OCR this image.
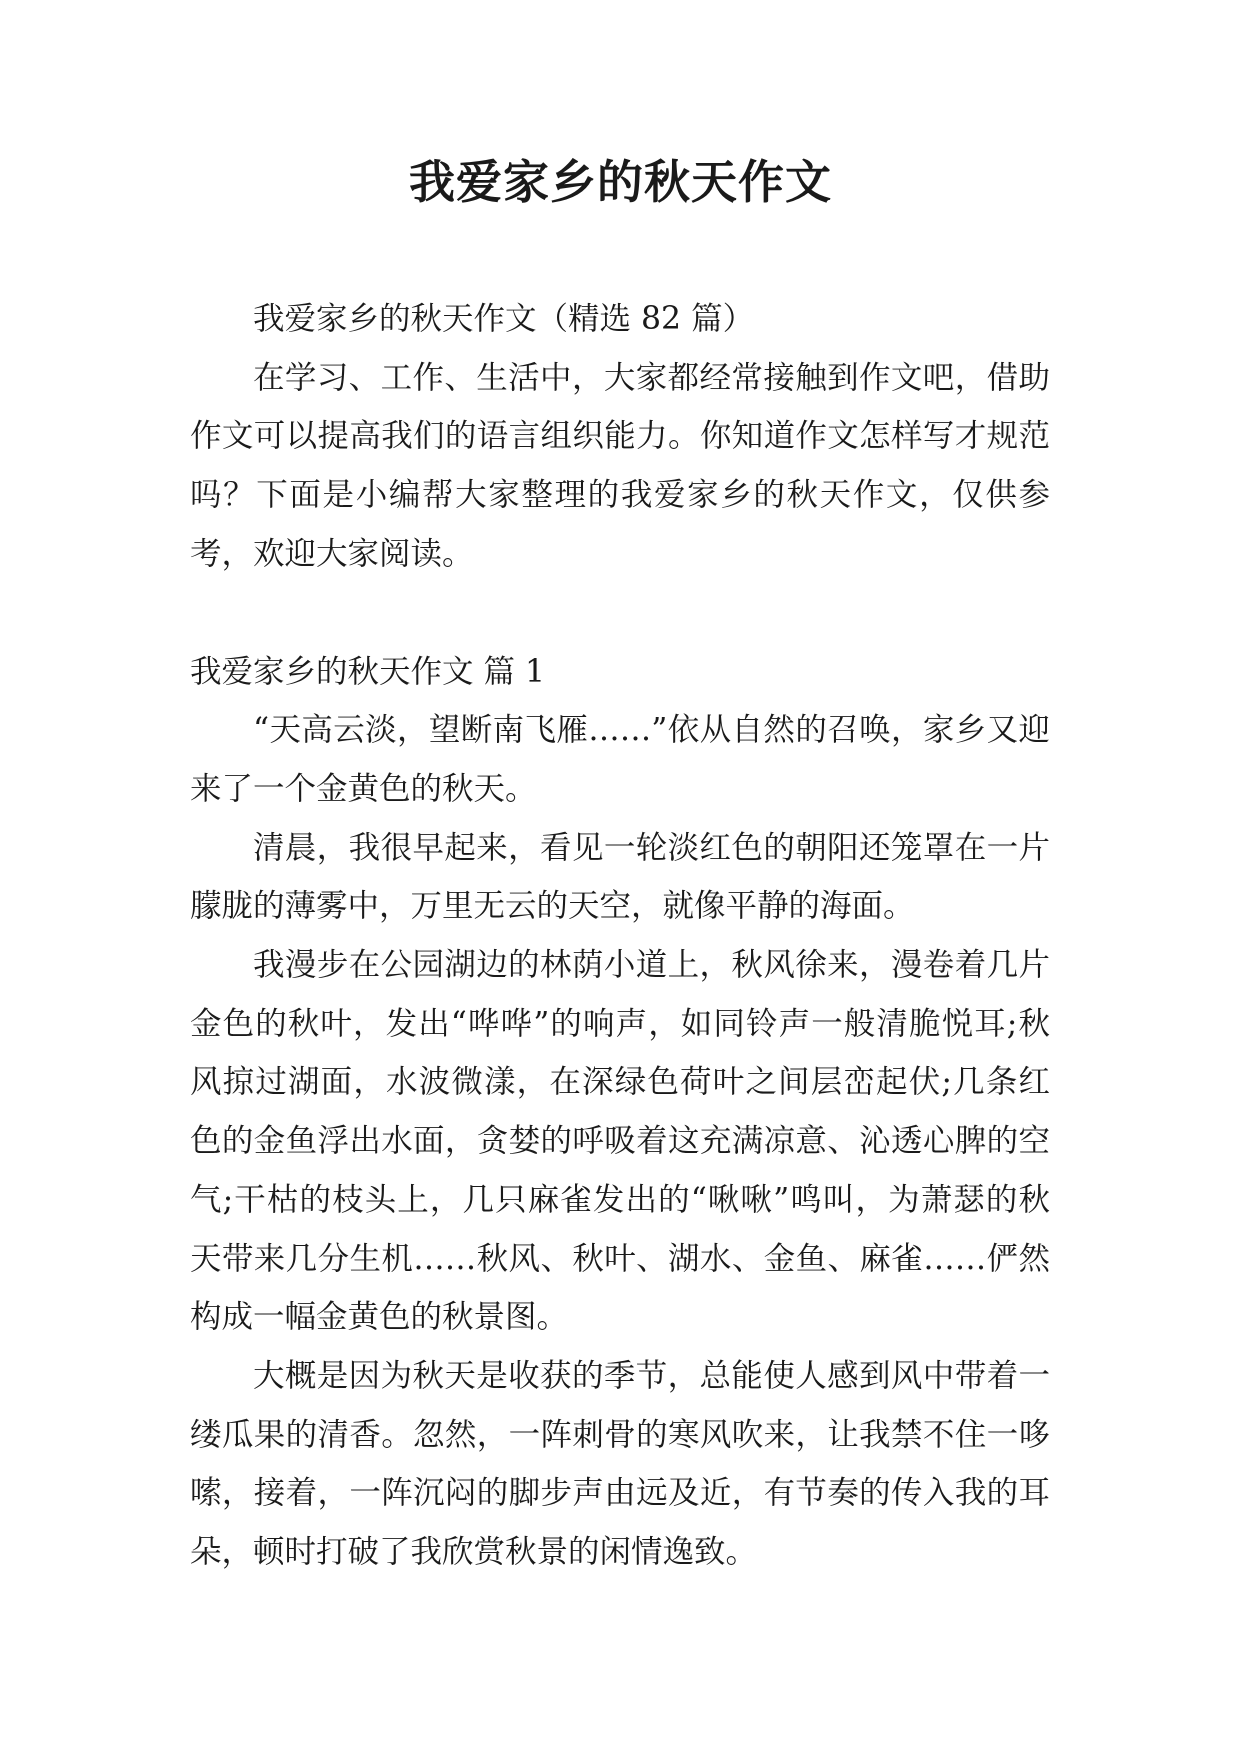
我爱家乡的秋天作文

我爱家乡的秋天作文（精选 82 篇）

在学习、工作、生活中，大家都经常接触到作文吧，借助作文可以提高我们的语言组织能力。你知道作文怎样写才规范吗？下面是小编帮大家整理的我爱家乡的秋天作文，仅供参考，欢迎大家阅读。

我爱家乡的秋天作文 篇 1

“天高云淡，望断南飞雁……”依从自然的召唤，家乡又迎来了一个金黄色的秋天。

清晨，我很早起来，看见一轮淡红色的朝阳还笼罩在一片朦胧的薄雾中，万里无云的天空，就像平静的海面。

我漫步在公园湖边的林荫小道上，秋风徐来，漫卷着几片金色的秋叶，发出“哗哗”的响声，如同铃声一般清脆悦耳;秋风掠过湖面，水波微漾，在深绿色荷叶之间层峦起伏;几条红色的金鱼浮出水面，贪婪的呼吸着这充满凉意、沁透心脾的空气;干枯的枝头上，几只麻雀发出的“啾啾”鸣叫，为萧瑟的秋天带来几分生机……秋风、秋叶、湖水、金鱼、麻雀……俨然构成一幅金黄色的秋景图。

大概是因为秋天是收获的季节，总能使人感到风中带着一缕瓜果的清香。忽然，一阵刺骨的寒风吹来，让我禁不住一哆嗦，接着，一阵沉闷的脚步声由远及近，有节奏的传入我的耳朵，顿时打破了我欣赏秋景的闲情逸致。
